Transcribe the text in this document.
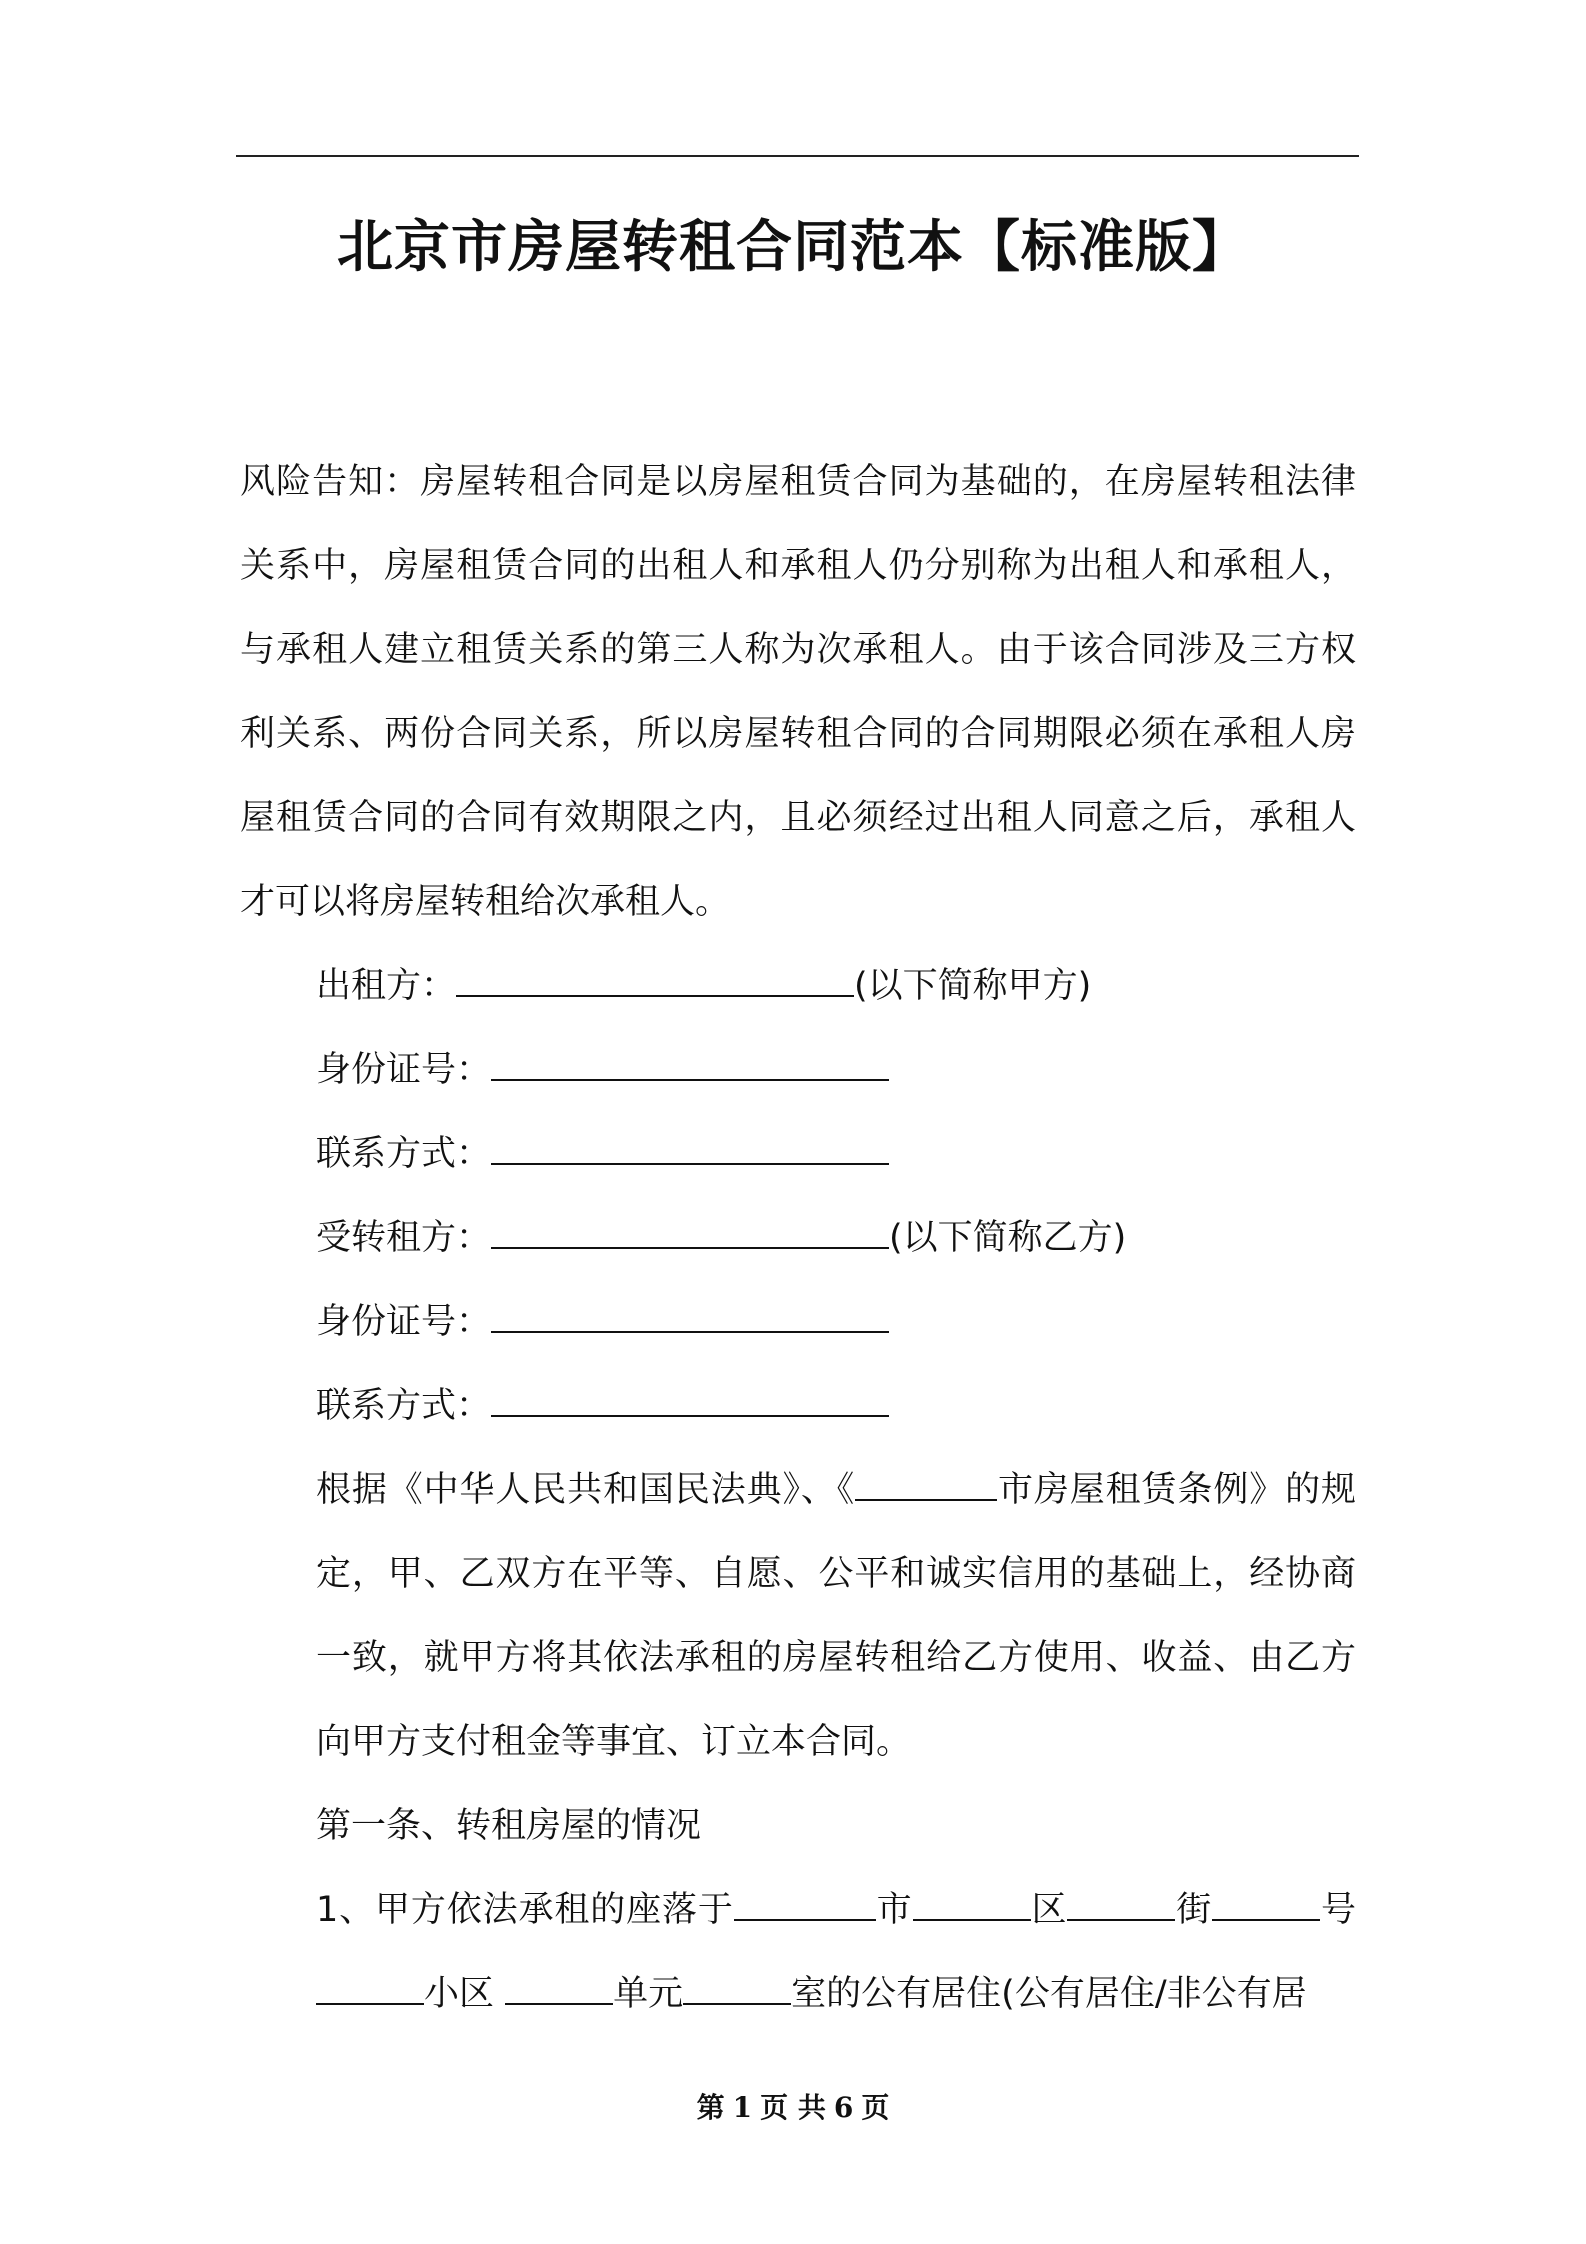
北京市房屋转租合同范本【标准版】

风险告知：房屋转租合同是以房屋租赁合同为基础的，在房屋转租法律关系中，房屋租赁合同的出租人和承租人仍分别称为出租人和承租人，与承租人建立租赁关系的第三人称为次承租人。由于该合同涉及三方权利关系、两份合同关系，所以房屋转租合同的合同期限必须在承租人房屋租赁合同的合同有效期限之内，且必须经过出租人同意之后，承租人才可以将房屋转租给次承租人。

出租方：	(以下简称甲方)

身份证号：

联系方式：

受转租方：	(以下简称乙方)

身份证号：

联系方式：

根据《中华人民共和国民法典》、《	市房屋租赁条例》的规定，甲、乙双方在平等、自愿、公平和诚实信用的基础上，经协商一致，就甲方将其依法承租的房屋转租给乙方使用、收益、由乙方向甲方支付租金等事宜、订立本合同。

第一条、转租房屋的情况

1、甲方依法承租的座落于	市	区	街	号小区	单元	室的公有居住(公有居住/非公有居

第 1 页 共 6 页
